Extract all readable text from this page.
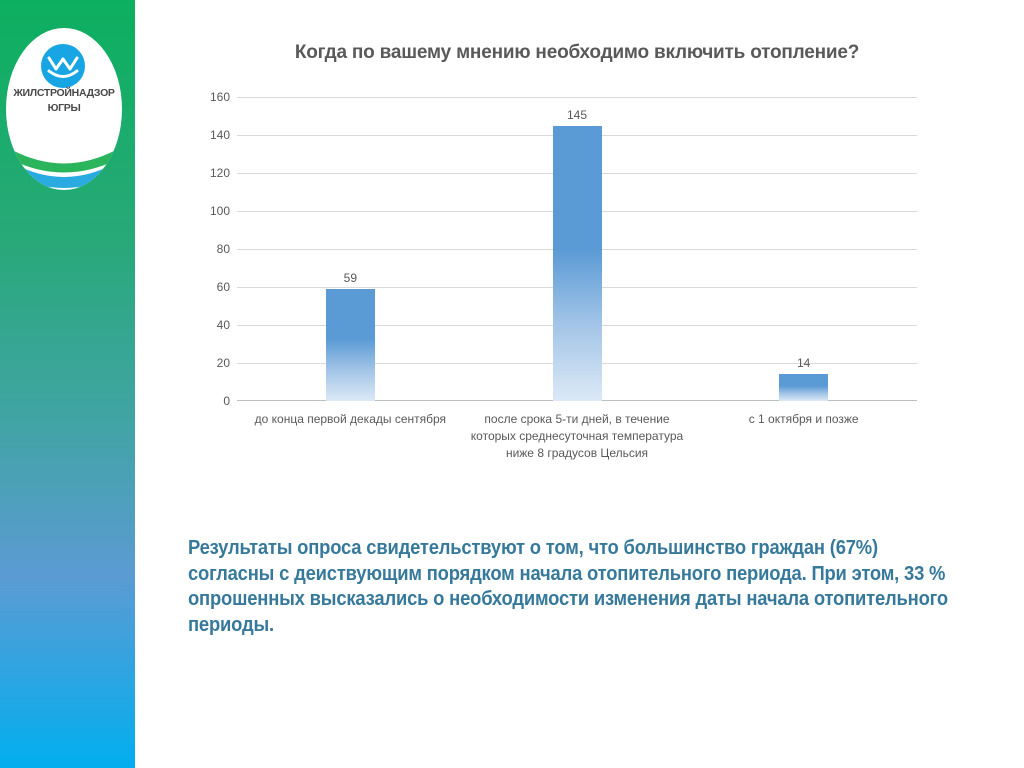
ЖИЛСТРОЙНАДЗОР
ЮГРЫ
Когда по вашему мнению необходимо включить отопление?
0
20
40
60
80
100
120
140
160
59
до конца первой декады сентября
145
после срока 5-ти дней, в течение которых среднесуточная температура ниже 8 градусов Цельсия
14
с 1 октября и позже
Результаты опроса свидетельствуют о том, что большинство граждан (67%)
согласны с деиствующим порядком начала отопительного периода. При этом, 33 %
опрошенных высказались о необходимости изменения даты начала отопительного
периоды.
